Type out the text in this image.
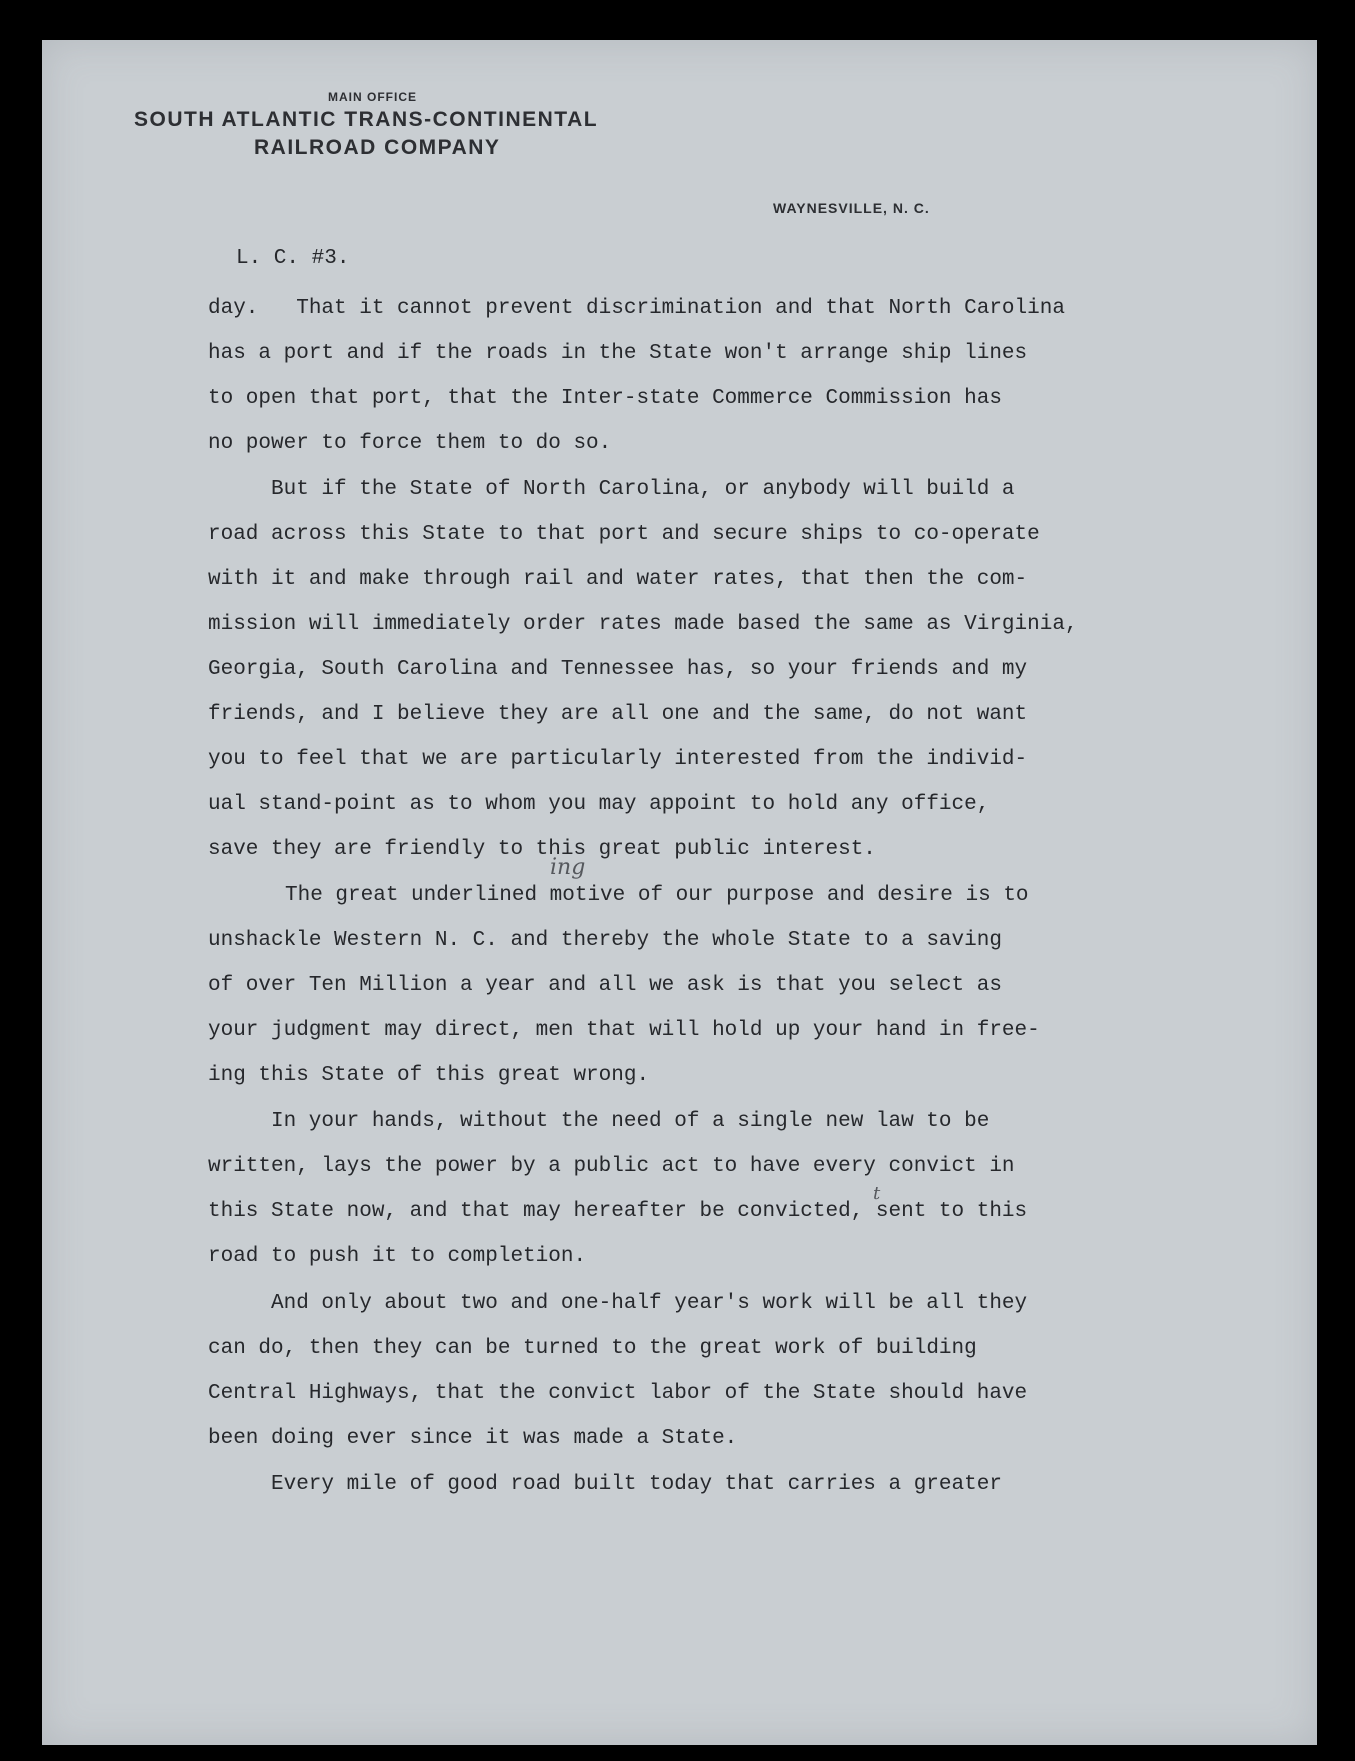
MAIN OFFICE
SOUTH ATLANTIC TRANS-CONTINENTAL
RAILROAD COMPANY
WAYNESVILLE, N. C.
L. C. #3.
day.   That it cannot prevent discrimination and that North Carolina
has a port and if the roads in the State won't arrange ship lines
to open that port, that the Inter-state Commerce Commission has
no power to force them to do so.
But if the State of North Carolina, or anybody will build a
road across this State to that port and secure ships to co-operate
with it and make through rail and water rates, that then the com-
mission will immediately order rates made based the same as Virginia,
Georgia, South Carolina and Tennessee has, so your friends and my
friends, and I believe they are all one and the same, do not want
you to feel that we are particularly interested from the individ-
ual stand-point as to whom you may appoint to hold any office,
save they are friendly to this great public interest.
The great underlined motive of our purpose and desire is to
unshackle Western N. C. and thereby the whole State to a saving
of over Ten Million a year and all we ask is that you select as
your judgment may direct, men that will hold up your hand in free-
ing this State of this great wrong.
In your hands, without the need of a single new law to be
written, lays the power by a public act to have every convict in
this State now, and that may hereafter be convicted, sent to this
road to push it to completion.
And only about two and one-half year's work will be all they
can do, then they can be turned to the great work of building
Central Highways, that the convict labor of the State should have
been doing ever since it was made a State.
Every mile of good road built today that carries a greater
ing
t
